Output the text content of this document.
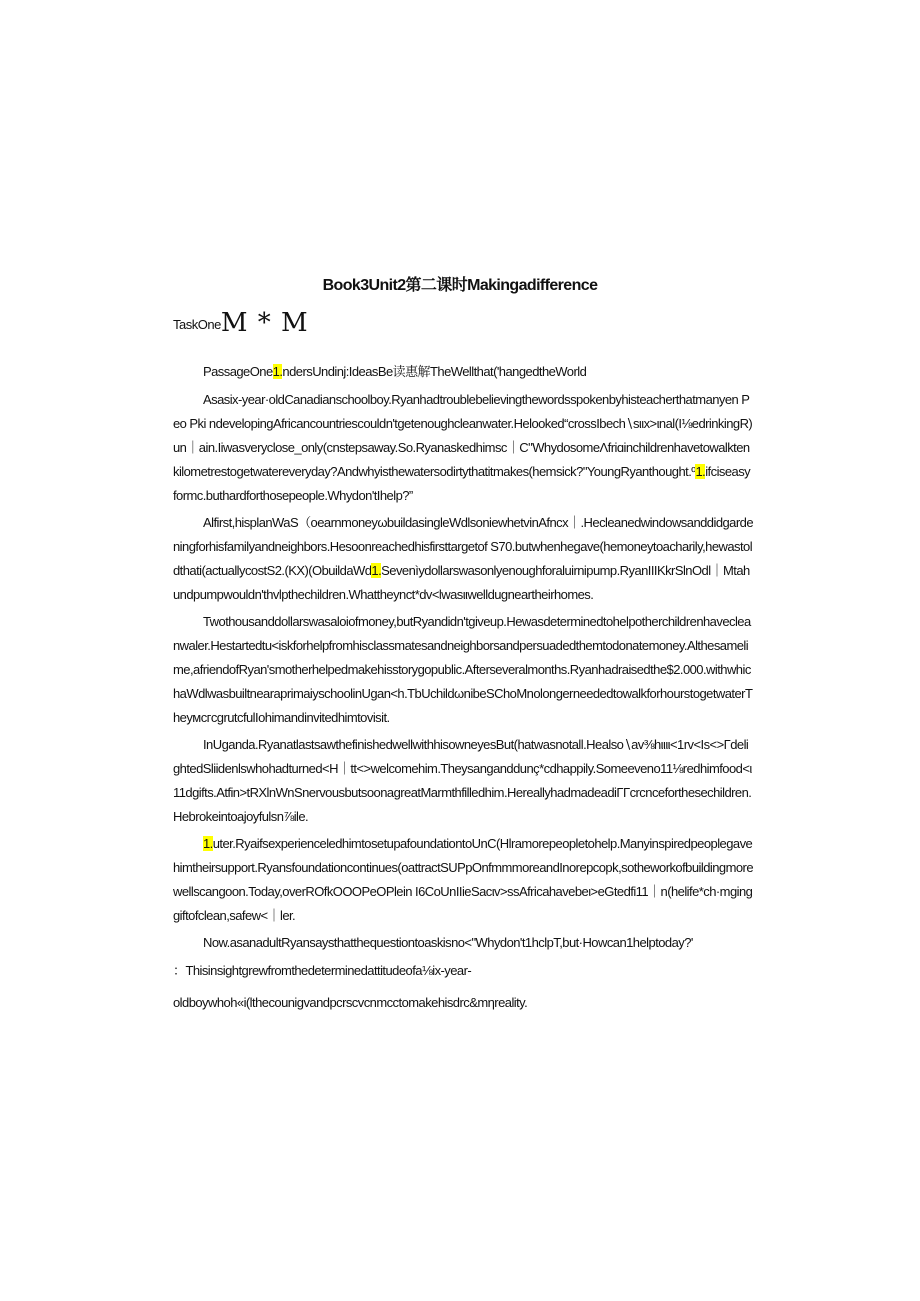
Book3Unit2第二课时Makingadifference
TaskOneM * M

PassageOne1.ndersUndinj:IdeasBe读惠解TheWellthat('hangedtheWorld

Asasix-year·oldCanadianschoolboy.Ryanhadtroublebelievingthewordsspokenbyhisteacherthatmanyen Peo Pki ndevelopingAfricancountriescouldn'tgetenoughcleanwater.Helooked“crossIbech∖sιιx>ιnal(I⅛edrinkingR)un｜ain.Iiwasveryclose_only(cnstepsaway.So.Ryanaskedhimsc｜C"WhydosomeΛfriɑinchildrenhavetowalktenkilometrestogetwatereveryday?Andwhyisthewatersodirtythatitmakes(hemsick?"YoungRyanthought.º1.ifciseasyformc.buthardforthosepeople.Whydon'tIhelp?”

Alfirst,hisplanWaS（oearnmoneyωbuildasingleWdlsoniewhetvinAfncx｜.Hecleanedwindowsanddidgardeningforhisfamilyandneighbors.Hesoonreachedhisfirsttargetof S70.butwhenhegave(hemoneytoacharily,hewastoldthati(actuallycostS2.(KX)(ObuildaWd1.Sevenìydollarswasonlyenoughforaluirnipump.RyanIIIKkrSlnOdl｜Mtahundpumpwouldn'thvlpthechildren.Whattheynct*dv<lwasιιwelldugneartheirhomes.

Twothousanddollarswasaloiofmoney,butRyandidn'tgiveup.Hewasdeterminedtohelpotherchildrenhavecleanwaler.Hestartedtu<iskforhelpfromhisclassmatesandneighborsandpersuadedthemtodonatemoney.Althesamelime,afriendofRyan'smotherhelpedmakehisstorygopublic.Afterseveralmonths.Ryanhadraisedthe$2.000.withwhichaWdlwasbuiltnearaprimaiyschoolinUgan<h.TbUchildωnibeSChoMnolongerneededtowalkforhourstogetwaterTheyмcгcgrutcfulIohimandinvitedhimtovisit.

InUganda.RyanatlastsawthefinishedwellwithhisowneyesBut(hatwasnotall.Healso∖av⅜hιιιι<1rv<Is<>ΓdelightedSliidenlswhohadturned<H｜tt<>welcomehim.Theysanganddunç*cdhappily.Someeveno11⅛redhimfood<ι11dgifts.Atfin>tRXlnWnSnervousbutsoonagreatMarmthfilledhim.HereallyhadmadeadiΓΓcrcnceforthesechildren.Hebrokeintoajoyfulsn⅞ile.

1.uter.RyaifsexperienceledhimtosetupafoundationtoUnC(Hlramorepeopletohelp.Manyinspiredpeoplegavehimtheirsupport.Ryansfoundationcontinues(oattractSUPpOnfmmmoreandInorepcopk,sotheworkofbuildingmorewellscangoon.Today,overROfkOOOPeOPlein I6CoUnIIieSacιv>ssAfricahavebeι>eGtedfi11｜n(helife*ch·mginggiftofclean,safew<｜ler.

Now.asanadultRyansaysthatthequestiontoaskisno<"Whydon't1hclpT,but·Howcan1helptoday?'

：Thisinsightgrewfromthedeterminedattitudeofa⅛ix-year-

oldboywhoh«i(lthecounigvandpcrscvcnmcctomakehisdrc&mηreality.
